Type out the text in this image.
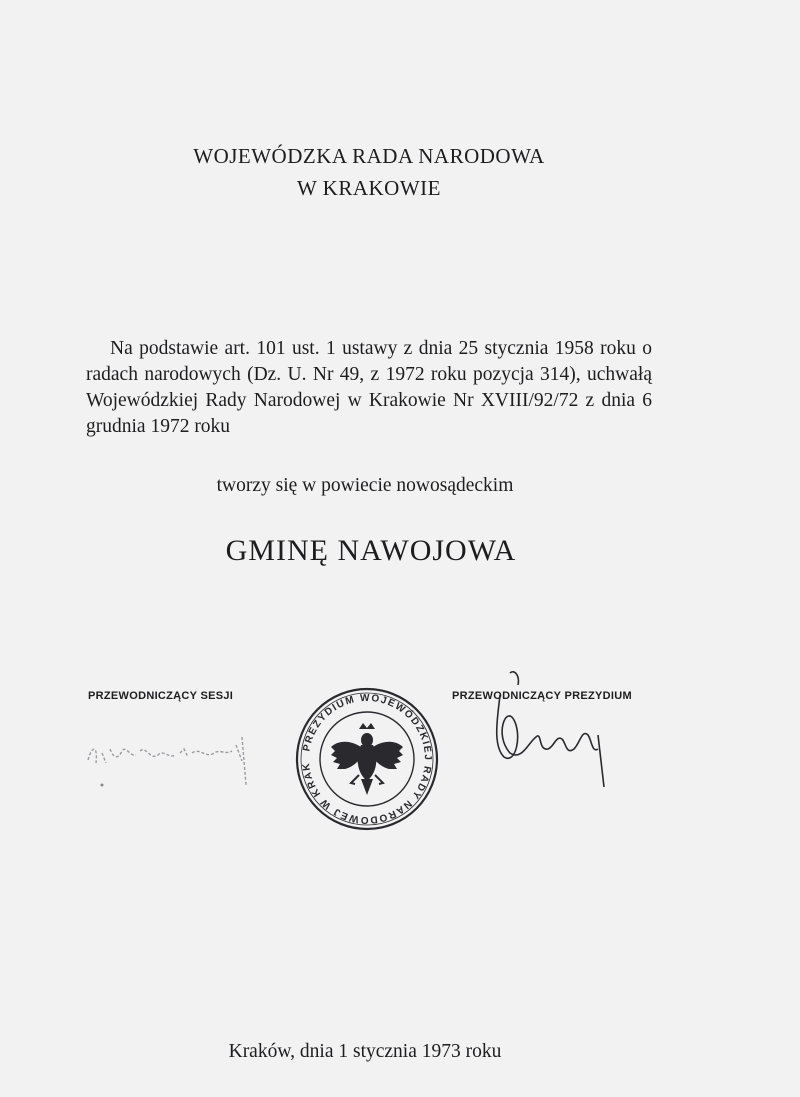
WOJEWÓDZKA RADA NARODOWA
W KRAKOWIE

Na podstawie art. 101 ust. 1 ustawy z dnia 25 stycznia 1958 roku o radach narodowych (Dz. U. Nr 49, z 1972 roku pozycja 314), uchwałą Wojewódzkiej Rady Narodowej w Krakowie Nr XVIII/92/72 z dnia 6 grudnia 1972 roku

tworzy się w powiecie nowosądeckim
GMINĘ NAWOJOWA
PRZEWODNICZĄCY SESJI	PRZEWODNICZĄCY PREZYDIUM
PREZYDIUM WOJEWÓDZKIEJ RADY NARODOWEJ W KRAK
Kraków, dnia 1 stycznia 1973 roku
